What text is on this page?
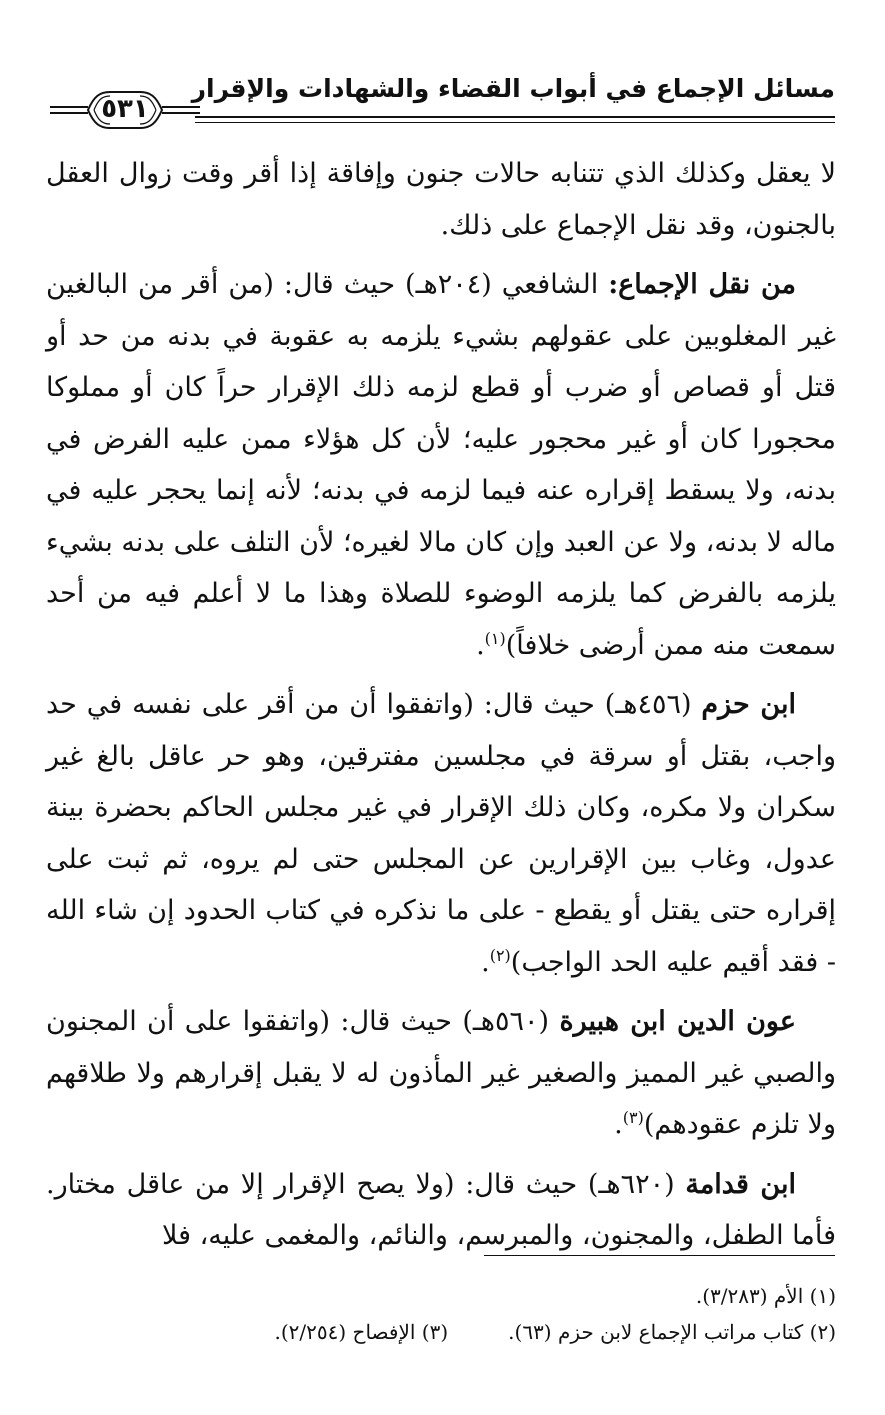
مسائل الإجماع في أبواب القضاء والشهادات والإقرار
٥٣١

لا يعقل وكذلك الذي تتنابه حالات جنون وإفاقة إذا أقر وقت زوال العقل بالجنون، وقد نقل الإجماع على ذلك.

من نقل الإجماع: الشافعي (٢٠٤هـ) حيث قال: (من أقر من البالغين غير المغلوبين على عقولهم بشيء يلزمه به عقوبة في بدنه من حد أو قتل أو قصاص أو ضرب أو قطع لزمه ذلك الإقرار حراً كان أو مملوكا محجورا كان أو غير محجور عليه؛ لأن كل هؤلاء ممن عليه الفرض في بدنه، ولا يسقط إقراره عنه فيما لزمه في بدنه؛ لأنه إنما يحجر عليه في ماله لا بدنه، ولا عن العبد وإن كان مالا لغيره؛ لأن التلف على بدنه بشيء يلزمه بالفرض كما يلزمه الوضوء للصلاة وهذا ما لا أعلم فيه من أحد سمعت منه ممن أرضى خلافاً)$^{(١)}$.

ابن حزم (٤٥٦هـ) حيث قال: (واتفقوا أن من أقر على نفسه في حد واجب، بقتل أو سرقة في مجلسين مفترقين، وهو حر عاقل بالغ غير سكران ولا مكره، وكان ذلك الإقرار في غير مجلس الحاكم بحضرة بينة عدول، وغاب بين الإقرارين عن المجلس حتى لم يروه، ثم ثبت على إقراره حتى يقتل أو يقطع - على ما نذكره في كتاب الحدود إن شاء الله - فقد أقيم عليه الحد الواجب)$^{(٢)}$.

عون الدين ابن هبيرة (٥٦٠هـ) حيث قال: (واتفقوا على أن المجنون والصبي غير المميز والصغير غير المأذون له لا يقبل إقرارهم ولا طلاقهم ولا تلزم عقودهم)$^{(٣)}$.

ابن قدامة (٦٢٠هـ) حيث قال: (ولا يصح الإقرار إلا من عاقل مختار. فأما الطفل، والمجنون، والمبرسم، والنائم، والمغمى عليه، فلا

(١) الأم (٣/٢٨٣).
(٢) كتاب مراتب الإجماع لابن حزم (٦٣).
(٣) الإفصاح (٢/٢٥٤).
